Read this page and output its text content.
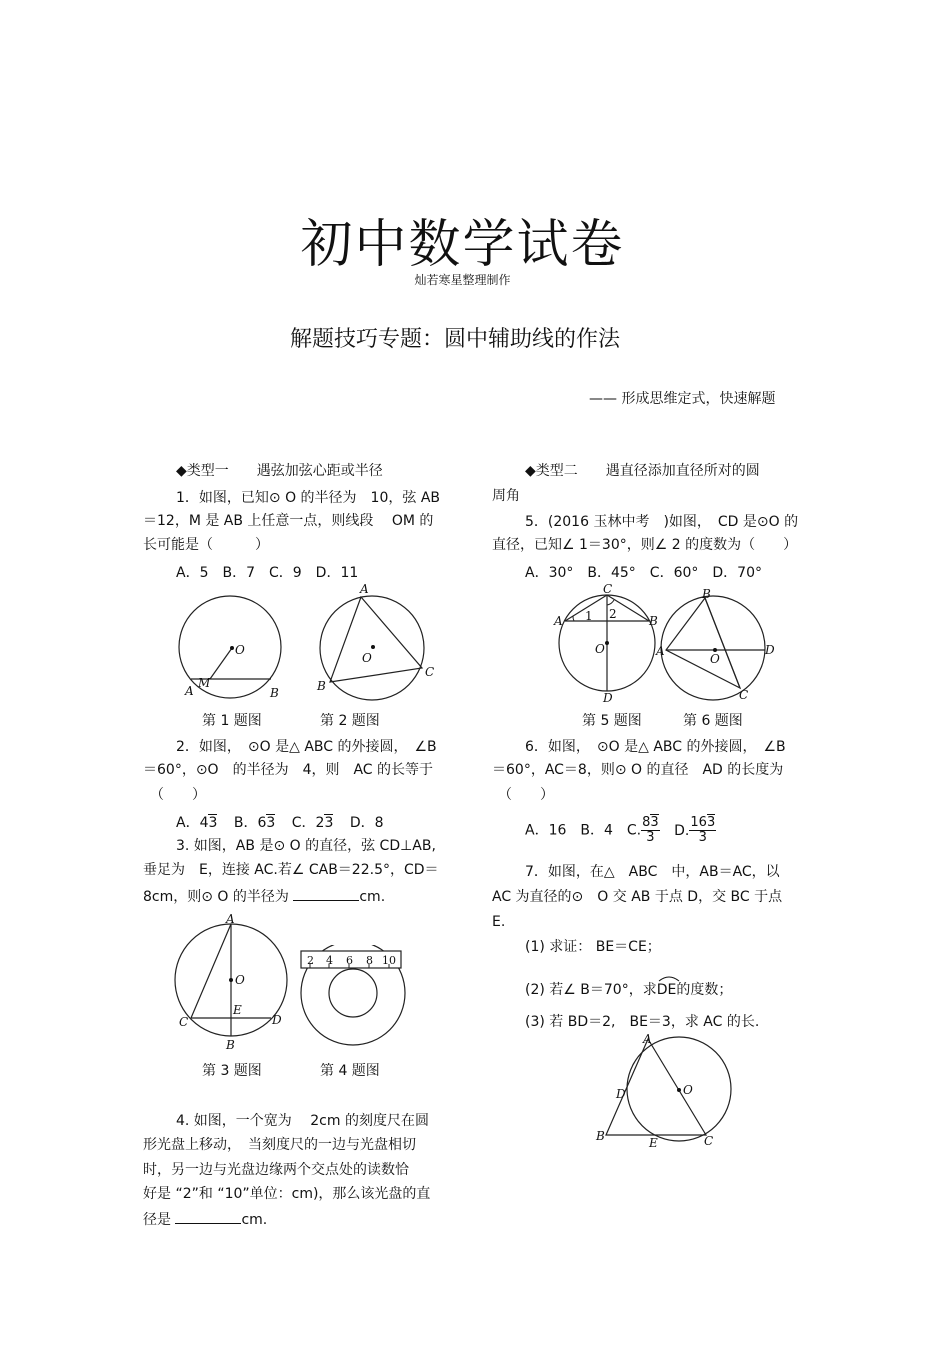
初中数学试卷
灿若寒星整理制作
解题技巧专题：圆中辅助线的作法
—— 形成思维定式，快速解题
◆类型一　　遇弦加弦心距或半径
1．如图，已知⊙ O 的半径为　10，弦 AB
＝12，M 是 AB 上任意一点，则线段　 OM 的
长可能是（　　　）
A．5　B．7　C．9　D．11
O
A
M
B
O
A
B
C
第 1 题图	第 2 题图
2．如图，　⊙O 是△ ABC 的外接圆，　∠B
＝60°，⊙O　的半径为　4，则　AC 的长等于
（　　）
A．43 B．63 C．23 D．8
3. 如图，AB 是⊙ O 的直径，弦 CD⊥AB,
垂足为　E，连接 AC.若∠ CAB＝22.5°，CD＝
8cm，则⊙ O 的半径为	cm.
O
A
C	D
E
B
2 4 6 8 10
第 3 题图	第 4 题图
4. 如图，一个宽为　 2cm 的刻度尺在圆
形光盘上移动，　当刻度尺的一边与光盘相切
时，另一边与光盘边缘两个交点处的读数恰
好是 “2”和 “10”单位：cm)，那么该光盘的直
径是	cm.
◆类型二　　遇直径添加直径所对的圆
周角
5．(2016 玉林中考　)如图，　CD 是⊙O 的
直径，已知∠ 1＝30°，则∠ 2 的度数为（　　）
A．30°　B．45°　C．60°　D．70°
O
C
A	B
D
1 2
O
B
A	D
C
第 5 题图	第 6 题图
6．如图，　⊙O 是△ ABC 的外接圆，　∠B
＝60°，AC＝8，则⊙ O 的直径　AD 的长度为
（　　）
A．16　B．4　C. $\frac{83}{3} D$. $\frac{163}{3}$
7．如图，在△　ABC　中，AB＝AC，以
AC 为直径的⊙　O 交 AB 于点 D，交 BC 于点
E.
(1) 求证： BE＝CE；
(2) 若∠ B＝70°，求
DE的度数；
(3) 若 BD＝2,　BE＝3，求 AC 的长.
O
A
D
B	E	C
